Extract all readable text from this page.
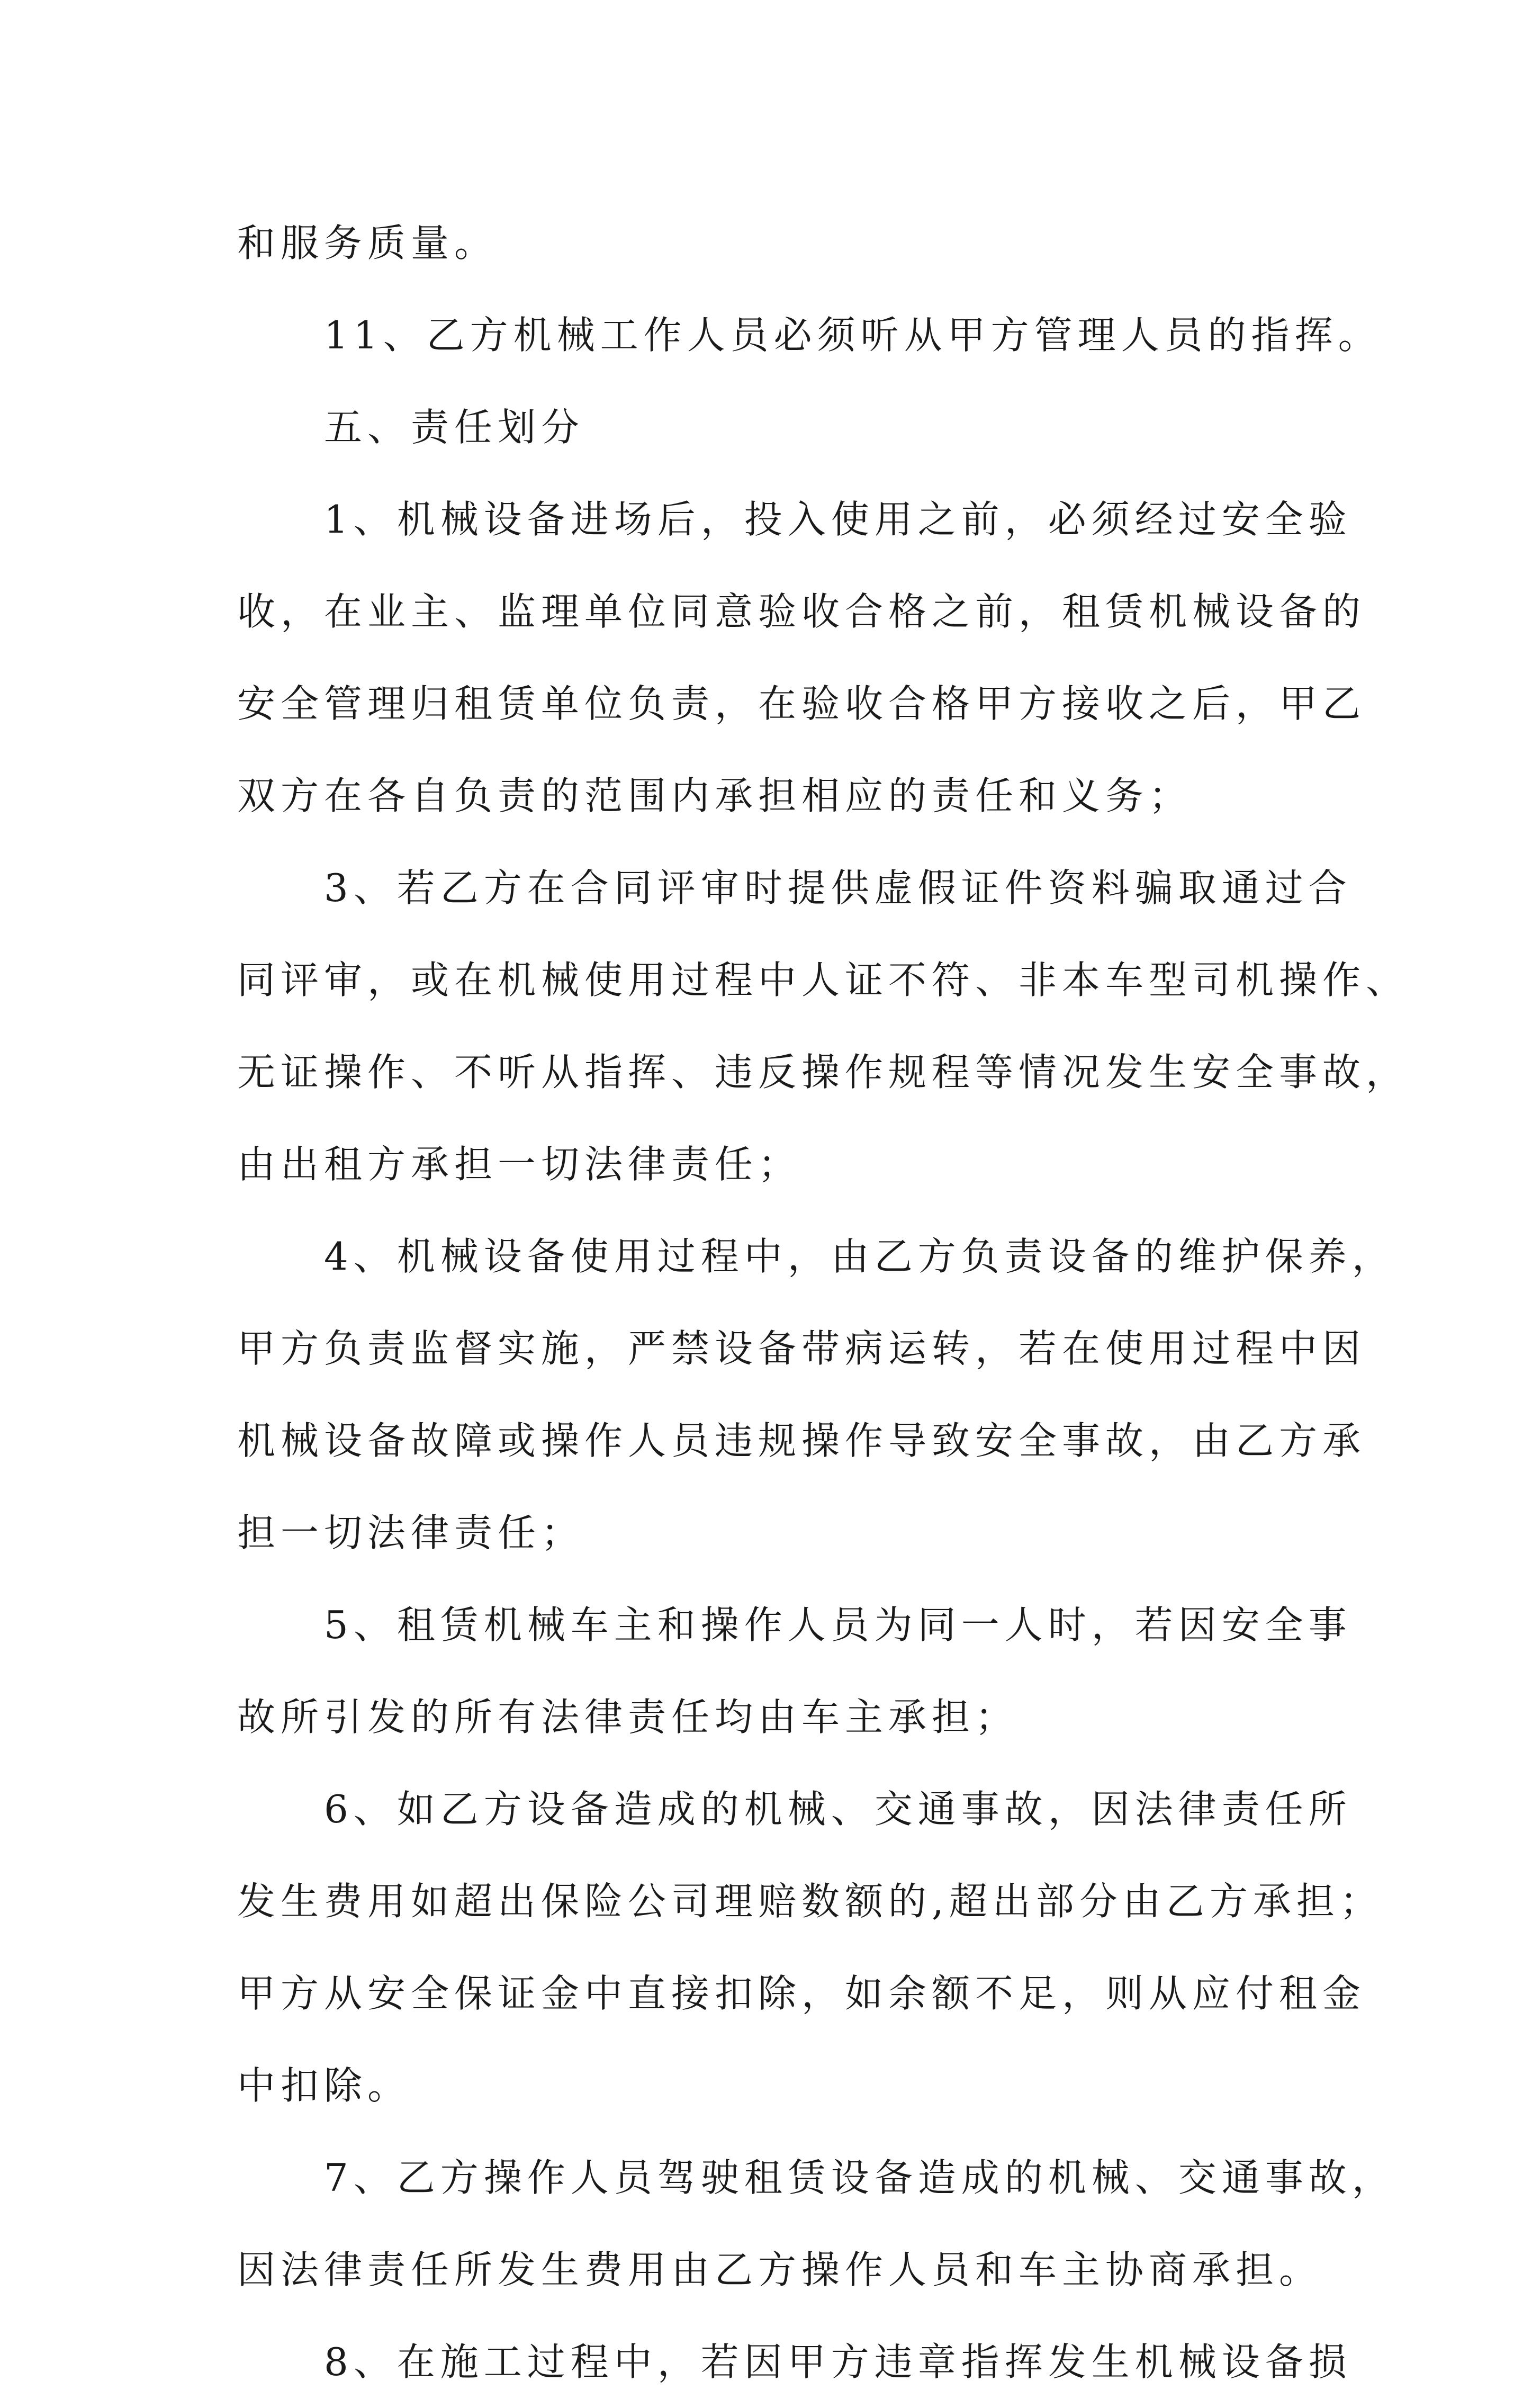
和服务质量。

11、乙方机械工作人员必须听从甲方管理人员的指挥。

五、责任划分

1、机械设备进场后，投入使用之前，必须经过安全验
收，在业主、监理单位同意验收合格之前，租赁机械设备的
安全管理归租赁单位负责，在验收合格甲方接收之后，甲乙
双方在各自负责的范围内承担相应的责任和义务；

3、若乙方在合同评审时提供虚假证件资料骗取通过合
同评审，或在机械使用过程中人证不符、非本车型司机操作、
无证操作、不听从指挥、违反操作规程等情况发生安全事故，
由出租方承担一切法律责任；

4、机械设备使用过程中，由乙方负责设备的维护保养，
甲方负责监督实施，严禁设备带病运转，若在使用过程中因
机械设备故障或操作人员违规操作导致安全事故，由乙方承
担一切法律责任；

5、租赁机械车主和操作人员为同一人时，若因安全事
故所引发的所有法律责任均由车主承担；

6、如乙方设备造成的机械、交通事故，因法律责任所
发生费用如超出保险公司理赔数额的,超出部分由乙方承担；
甲方从安全保证金中直接扣除，如余额不足，则从应付租金
中扣除。

7、乙方操作人员驾驶租赁设备造成的机械、交通事故，
因法律责任所发生费用由乙方操作人员和车主协商承担。

8、在施工过程中，若因甲方违章指挥发生机械设备损
